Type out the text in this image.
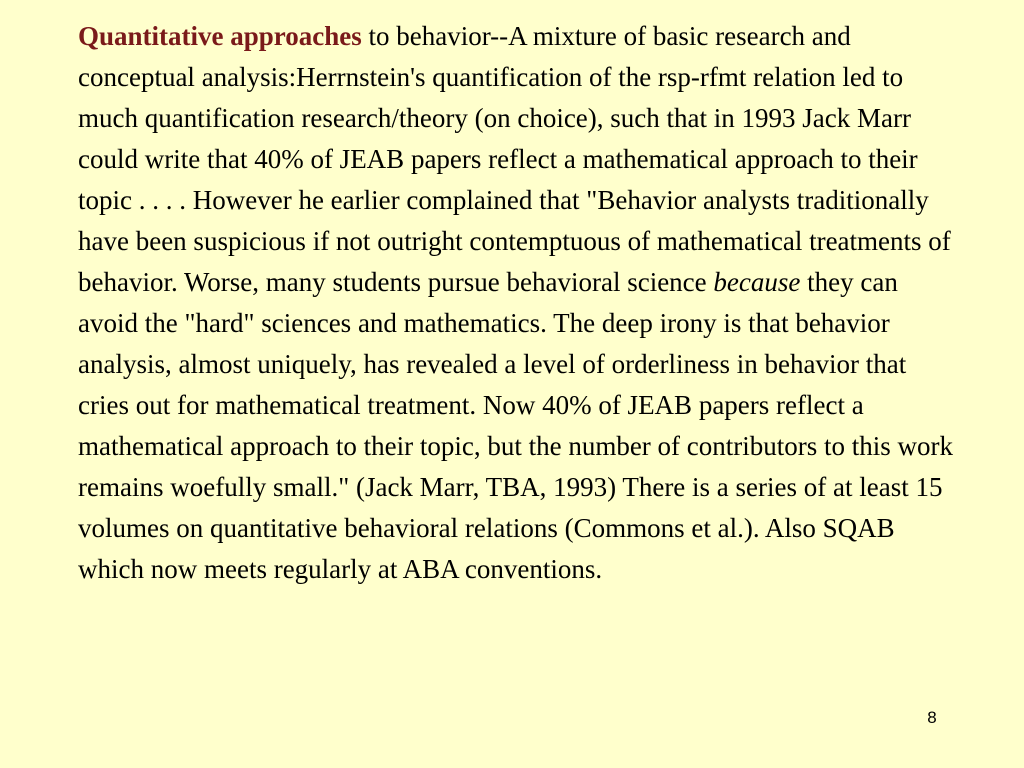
Quantitative approaches to behavior--A mixture of basic research and conceptual analysis:Herrnstein's quantification of the rsp-rfmt relation led to much quantification research/theory (on choice), such that in 1993 Jack Marr could write that 40% of JEAB papers reflect a mathematical approach to their topic . . . . However he earlier complained that "Behavior analysts traditionally have been suspicious if not outright contemptuous of mathematical treatments of behavior. Worse, many students pursue behavioral science because they can avoid the "hard" sciences and mathematics. The deep irony is that behavior analysis, almost uniquely, has revealed a level of orderliness in behavior that cries out for mathematical treatment. Now 40% of JEAB papers reflect a mathematical approach to their topic, but the number of contributors to this work remains woefully small." (Jack Marr, TBA, 1993) There is a series of at least 15 volumes on quantitative behavioral relations (Commons et al.). Also SQAB which now meets regularly at ABA conventions.

8
